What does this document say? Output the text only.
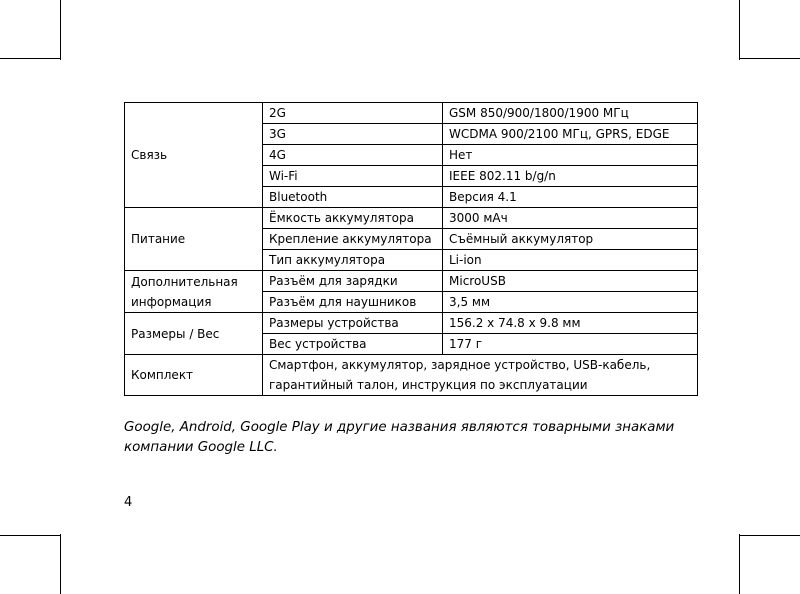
Связь	2G	GSM 850/900/1800/1900 МГц
	3G	WCDMA 900/2100 МГц, GPRS, EDGE
	4G	Нет
	Wi-Fi	IEEE 802.11 b/g/n
	Bluetooth	Версия 4.1
Питание	Ёмкость аккумулятора	3000 мАч
	Крепление аккумулятора	Съёмный аккумулятор
	Тип аккумулятора	Li-ion
Дополнительная информация	Разъём для зарядки	MicroUSB
	Разъём для наушников	3,5 мм
Размеры / Вес	Размеры устройства	156.2 x 74.8 x 9.8 мм
	Вес устройства	177 г
Комплект	Смартфон, аккумулятор, зарядное устройство, USB-кабель, гарантийный талон, инструкция по эксплуатации	
Google, Android, Google Play и другие названия являются товарными знаками компании Google LLC.
4
